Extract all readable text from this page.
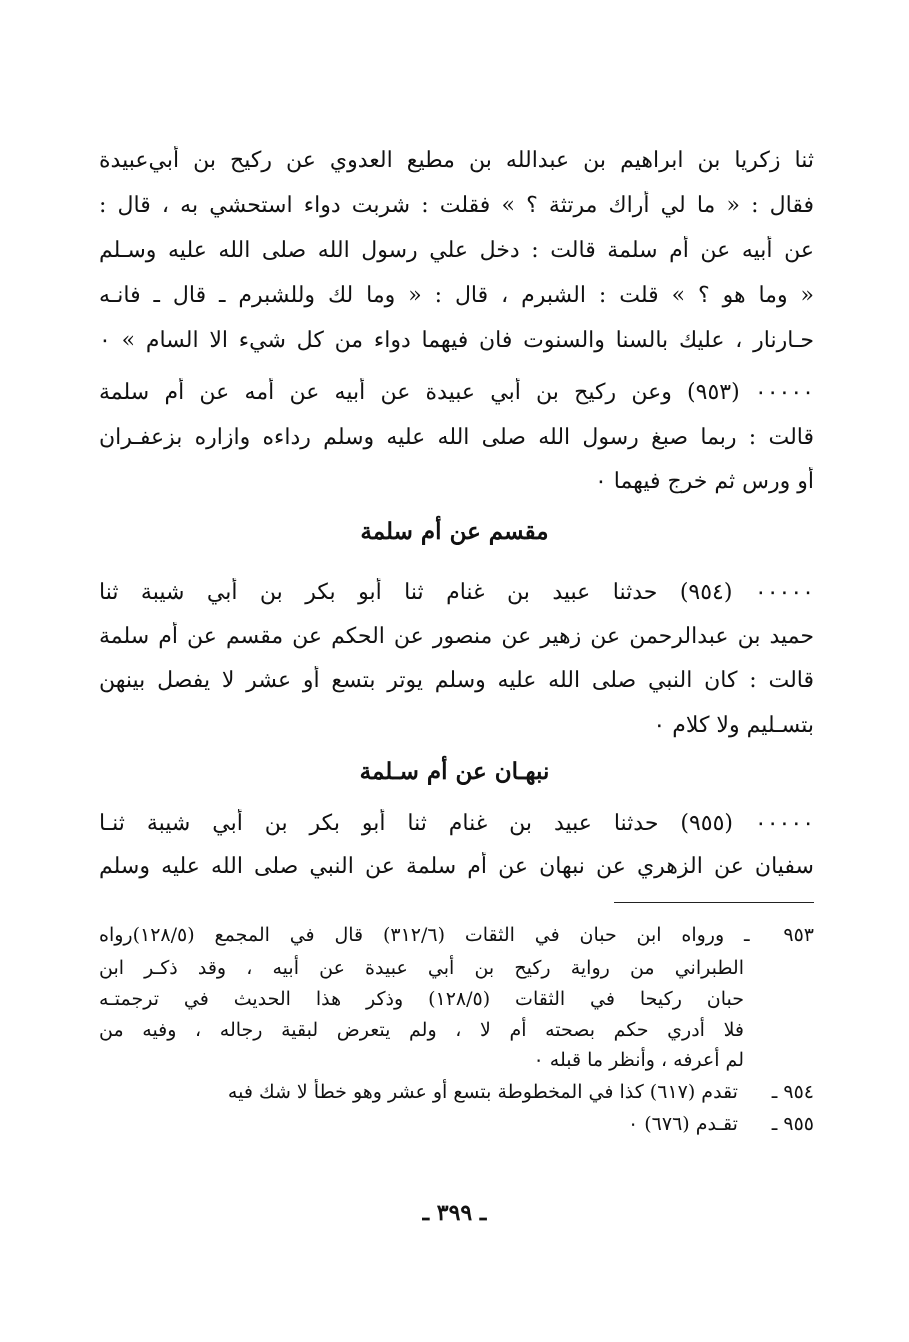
ثنا زكريا بن ابراهيم بن عبدالله بن مطيع العدوي عن ركيح بن أبي‌عبيدة
فقال : « ما لي أراك مرتثة ؟ » فقلت : شربت دواء استحشي به ، قال :
عن أبيه عن أم سلمة قالت : دخل علي رسول الله صلى الله عليه وسـلم
« وما هو ؟ » قلت : الشبرم ، قال : « وما لك وللشبرم ـ قال ـ فانـه
حـارنار ، عليك بالسنا والسنوت فان فيهما دواء من كل شيء الا السام » ٠
٠٠٠٠٠ (٩٥٣) وعن ركيح بن أبي عبيدة عن أبيه عن أمه عن أم سلمة
قالت : ربما صبغ رسول الله صلى الله عليه وسلم رداءه وازاره بزعفـران
أو ورس ثم خرج فيهما ٠
مقسم عن أم سلمة
٠٠٠٠٠ (٩٥٤) حدثنا عبيد بن غنام ثنا أبو بكر بن أبي شيبة ثنا
حميد بن عبدالرحمن عن زهير عن منصور عن الحكم عن مقسم عن أم سلمة
قالت : كان النبي صلى الله عليه وسلم يوتر بتسع أو عشر لا يفصل بينهن
بتسـليم ولا كلام ٠
نبهـان عن أم سـلمة
٠٠٠٠٠ (٩٥٥) حدثنا عبيد بن غنام ثنا أبو بكر بن أبي شيبة ثنـا
سفيان عن الزهري عن نبهان عن أم سلمة عن النبي صلى الله عليه وسلم
٩٥٣ ـ ورواه ابن حبان في الثقات (٣١٢/٦) قال في المجمع (١٢٨/٥)رواه
الطبراني من رواية ركيح بن أبي عبيدة عن أبيه ، وقد ذكـر ابن
حبان ركيحا في الثقات (١٢٨/٥) وذكر هذا الحديث في ترجمتـه
فلا أدري حكم بصحته أم لا ، ولم يتعرض لبقية رجاله ، وفيه من
لم أعرفه ، وأنظر ما قبله ٠
٩٥٤ ـ تقدم (٦١٧) كذا في المخطوطة بتسع أو عشر وهو خطأ لا شك فيه
٩٥٥ ـ تقـدم (٦٧٦) ٠
ـ ٣٩٩ ـ
